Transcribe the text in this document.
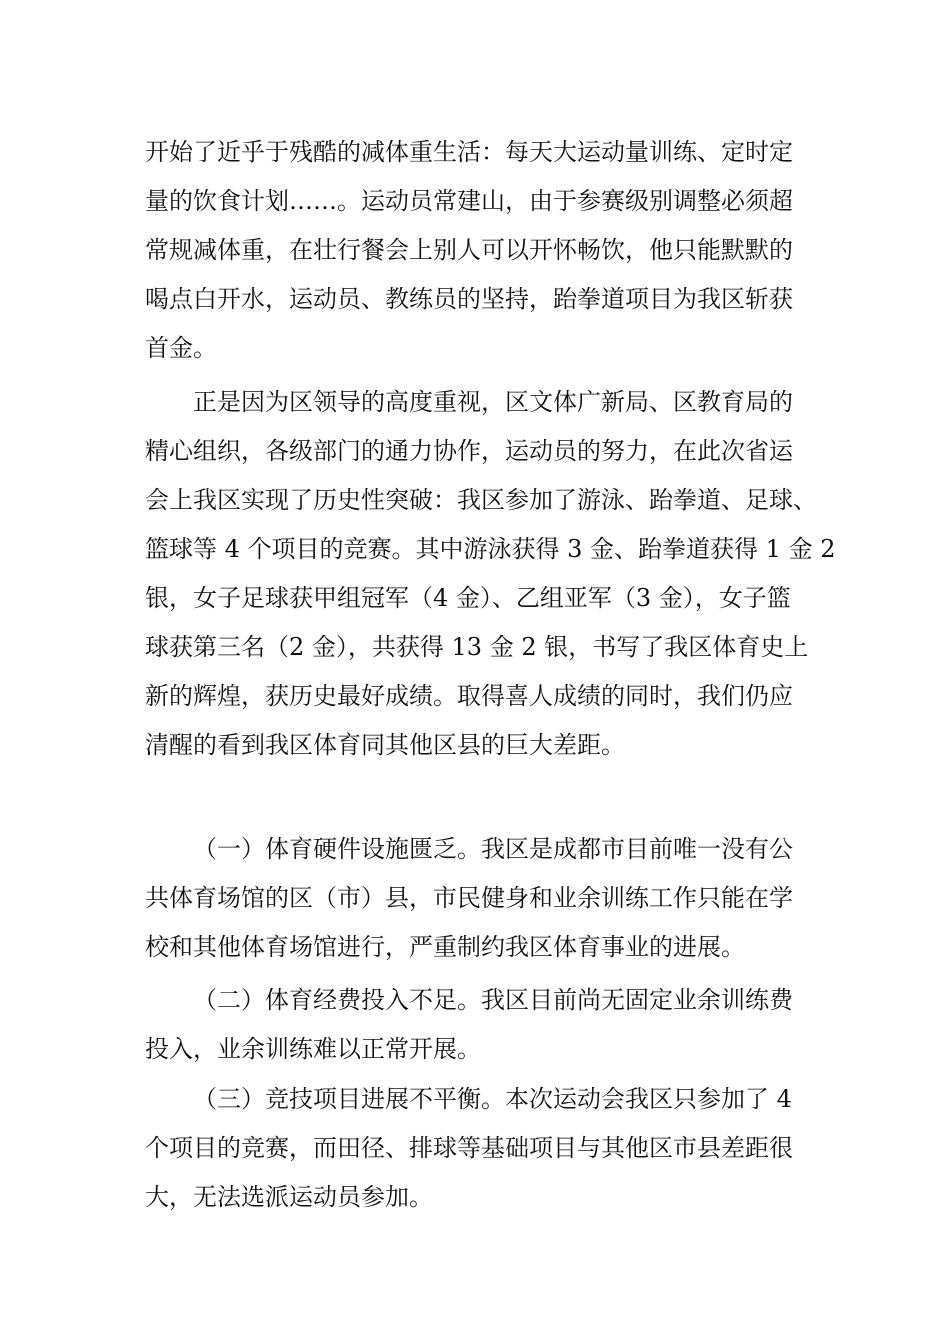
开始了近乎于残酷的减体重生活：每天大运动量训练、定时定
量的饮食计划……。运动员常建山，由于参赛级别调整必须超
常规减体重，在壮行餐会上别人可以开怀畅饮，他只能默默的
喝点白开水，运动员、教练员的坚持，跆拳道项目为我区斩获
首金。
正是因为区领导的高度重视，区文体广新局、区教育局的
精心组织，各级部门的通力协作，运动员的努力，在此次省运
会上我区实现了历史性突破：我区参加了游泳、跆拳道、足球、
篮球等 4 个项目的竞赛。其中游泳获得 3 金、跆拳道获得 1 金 2
银，女子足球获甲组冠军（4 金）、乙组亚军（3 金），女子篮
球获第三名（2 金），共获得 13 金 2 银，书写了我区体育史上
新的辉煌，获历史最好成绩。取得喜人成绩的同时，我们仍应
清醒的看到我区体育同其他区县的巨大差距。
（一）体育硬件设施匮乏。我区是成都市目前唯一没有公
共体育场馆的区（市）县，市民健身和业余训练工作只能在学
校和其他体育场馆进行，严重制约我区体育事业的进展。
（二）体育经费投入不足。我区目前尚无固定业余训练费
投入，业余训练难以正常开展。
（三）竞技项目进展不平衡。本次运动会我区只参加了 4
个项目的竞赛，而田径、排球等基础项目与其他区市县差距很
大，无法选派运动员参加。
